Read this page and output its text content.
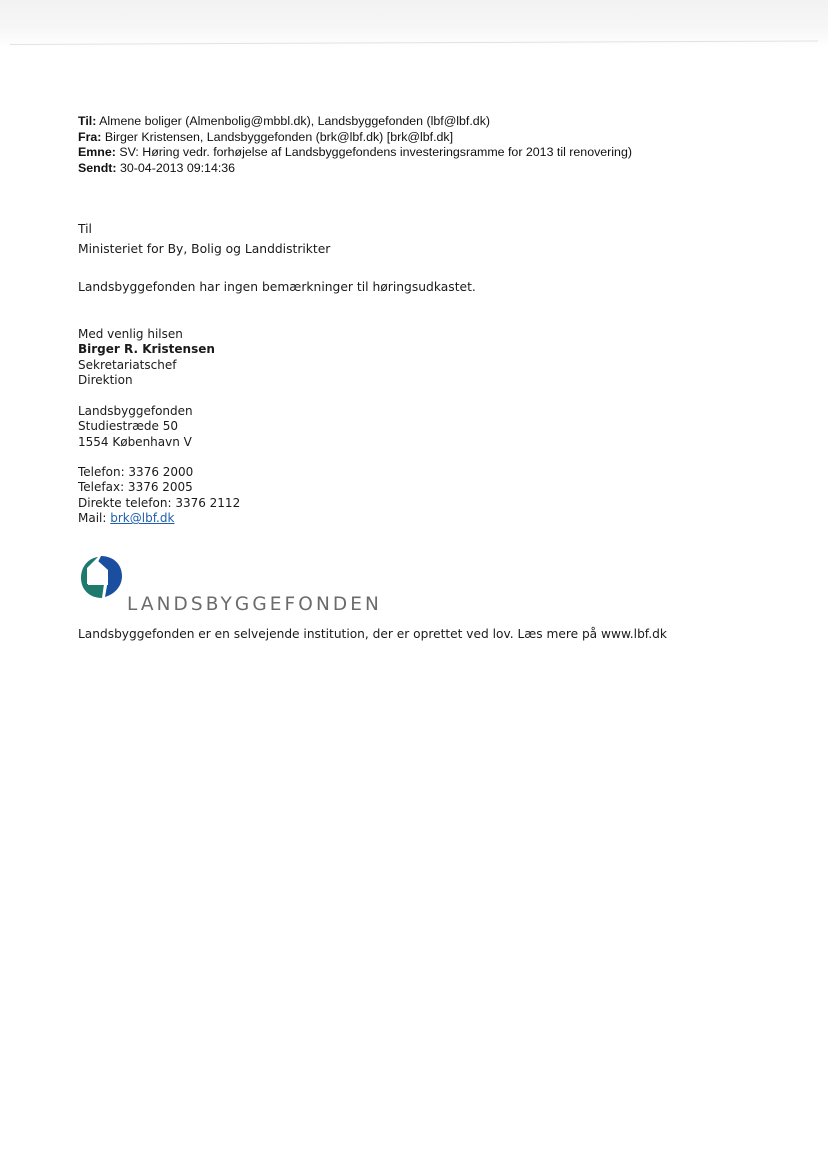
Til: Almene boliger (Almenbolig@mbbl.dk), Landsbyggefonden (lbf@lbf.dk)
Fra: Birger Kristensen, Landsbyggefonden (brk@lbf.dk) [brk@lbf.dk]
Emne: SV: Høring vedr. forhøjelse af Landsbyggefondens investeringsramme for 2013 til renovering)
Sendt: 30-04-2013 09:14:36
Til
Ministeriet for By, Bolig og Landdistrikter
Landsbyggefonden har ingen bemærkninger til høringsudkastet.
Med venlig hilsen
Birger R. Kristensen
Sekretariatschef
Direktion
Landsbyggefonden
Studiestræde 50
1554 København V
Telefon: 3376 2000
Telefax: 3376 2005
Direkte telefon: 3376 2112
Mail: brk@lbf.dk
LANDSBYGGEFONDEN
Landsbyggefonden er en selvejende institution, der er oprettet ved lov. Læs mere på www.lbf.dk
